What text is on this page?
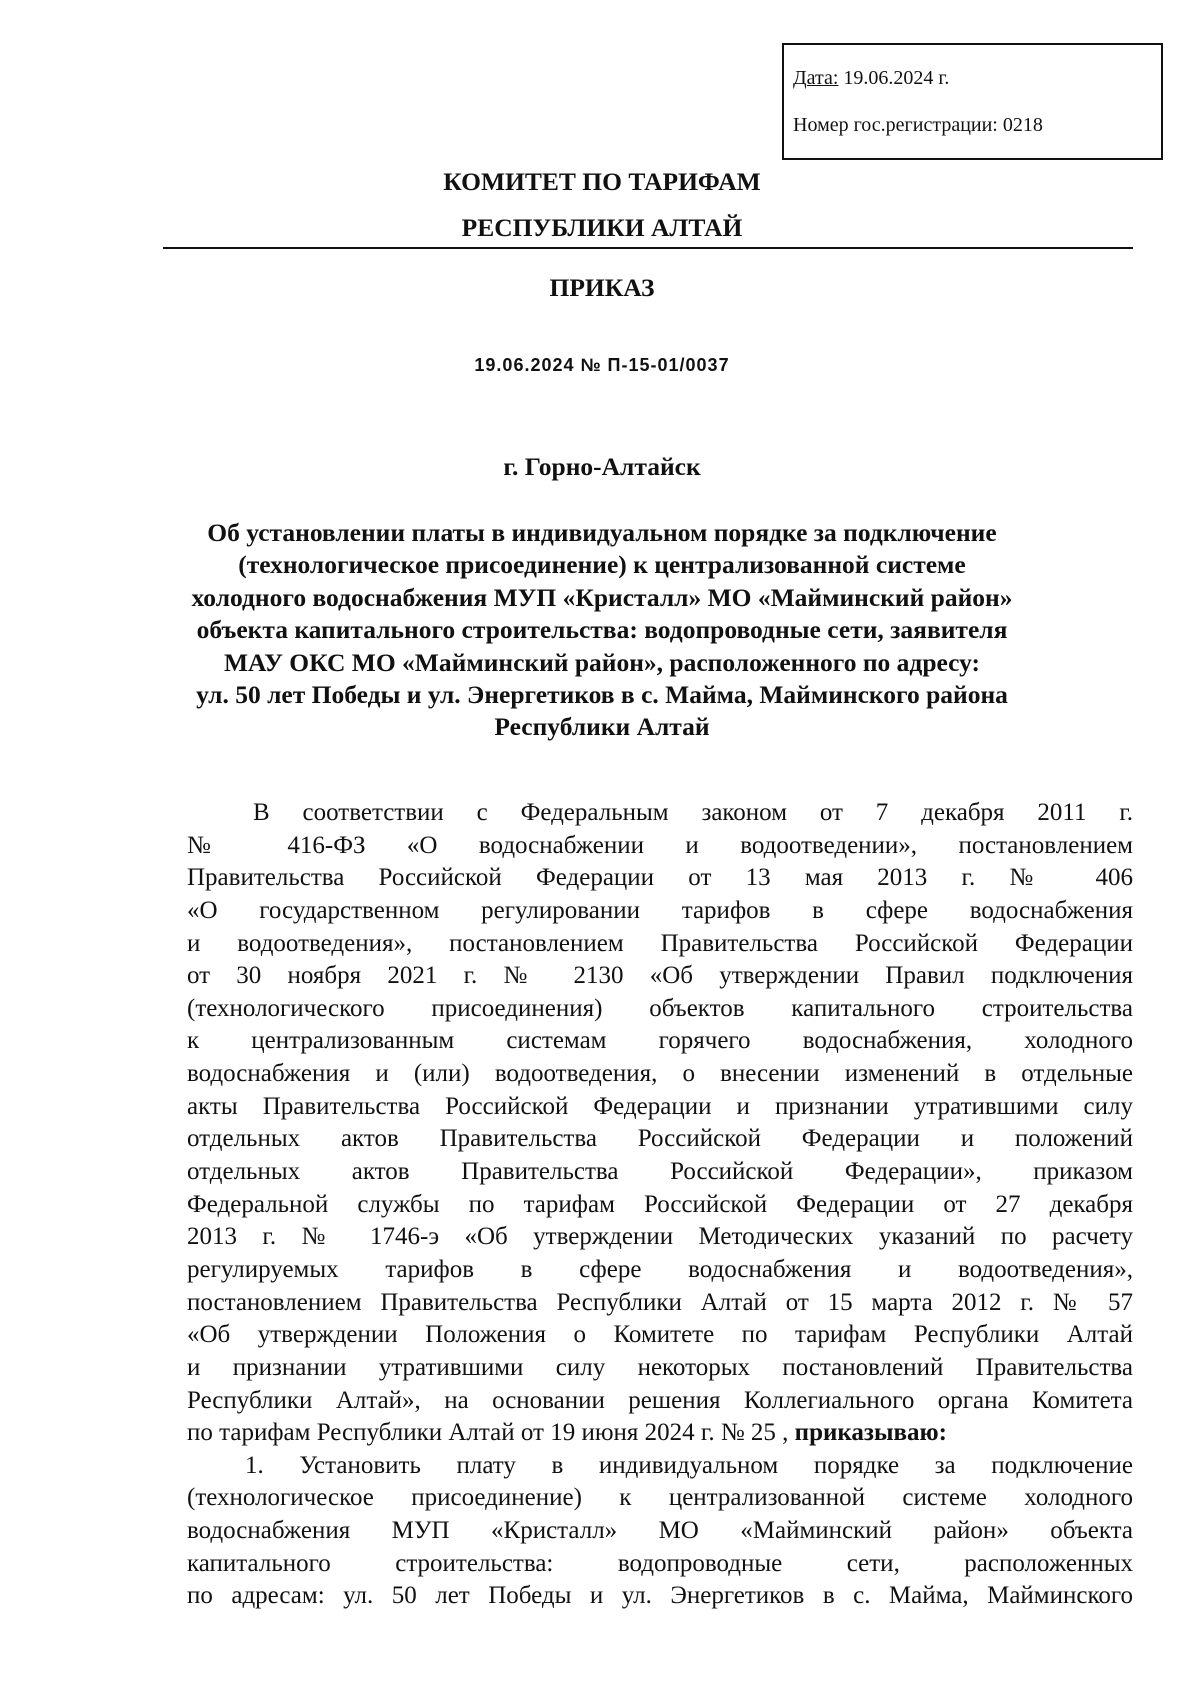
Дата: 19.06.2024 г.
Номер гос.регистрации: 0218
КОМИТЕТ ПО ТАРИФАМ
РЕСПУБЛИКИ АЛТАЙ
ПРИКАЗ
19.06.2024 № П-15-01/0037
г. Горно-Алтайск
Об установлении платы в индивидуальном порядке за подключение
(технологическое присоединение) к централизованной системе
холодного водоснабжения МУП «Кристалл» МО «Майминский район»
объекта капитального строительства: водопроводные сети, заявителя
МАУ ОКС МО «Майминский район», расположенного по адресу:
ул. 50 лет Победы и ул. Энергетиков в с. Майма, Майминского района
Республики Алтай
В соответствии с Федеральным законом от 7 декабря 2011 г.
№ 416-ФЗ «О водоснабжении и водоотведении», постановлением
Правительства Российской Федерации от 13 мая 2013 г. № 406
«О государственном регулировании тарифов в сфере водоснабжения
и водоотведения», постановлением Правительства Российской Федерации
от 30 ноября 2021 г. № 2130 «Об утверждении Правил подключения
(технологического присоединения) объектов капитального строительства
к централизованным системам горячего водоснабжения, холодного
водоснабжения и (или) водоотведения, о внесении изменений в отдельные
акты Правительства Российской Федерации и признании утратившими силу
отдельных актов Правительства Российской Федерации и положений
отдельных актов Правительства Российской Федерации», приказом
Федеральной службы по тарифам Российской Федерации от 27 декабря
2013 г. № 1746-э «Об утверждении Методических указаний по расчету
регулируемых тарифов в сфере водоснабжения и водоотведения»,
постановлением Правительства Республики Алтай от 15 марта 2012 г. № 57
«Об утверждении Положения о Комитете по тарифам Республики Алтай
и признании утратившими силу некоторых постановлений Правительства
Республики Алтай», на основании решения Коллегиального органа Комитета
по тарифам Республики Алтай от 19 июня 2024 г. № 25 , приказываю:
1. Установить плату в индивидуальном порядке за подключение
(технологическое присоединение) к централизованной системе холодного
водоснабжения МУП «Кристалл» МО «Майминский район» объекта
капитального строительства: водопроводные сети, расположенных
по адресам: ул. 50 лет Победы и ул. Энергетиков в с. Майма, Майминского
